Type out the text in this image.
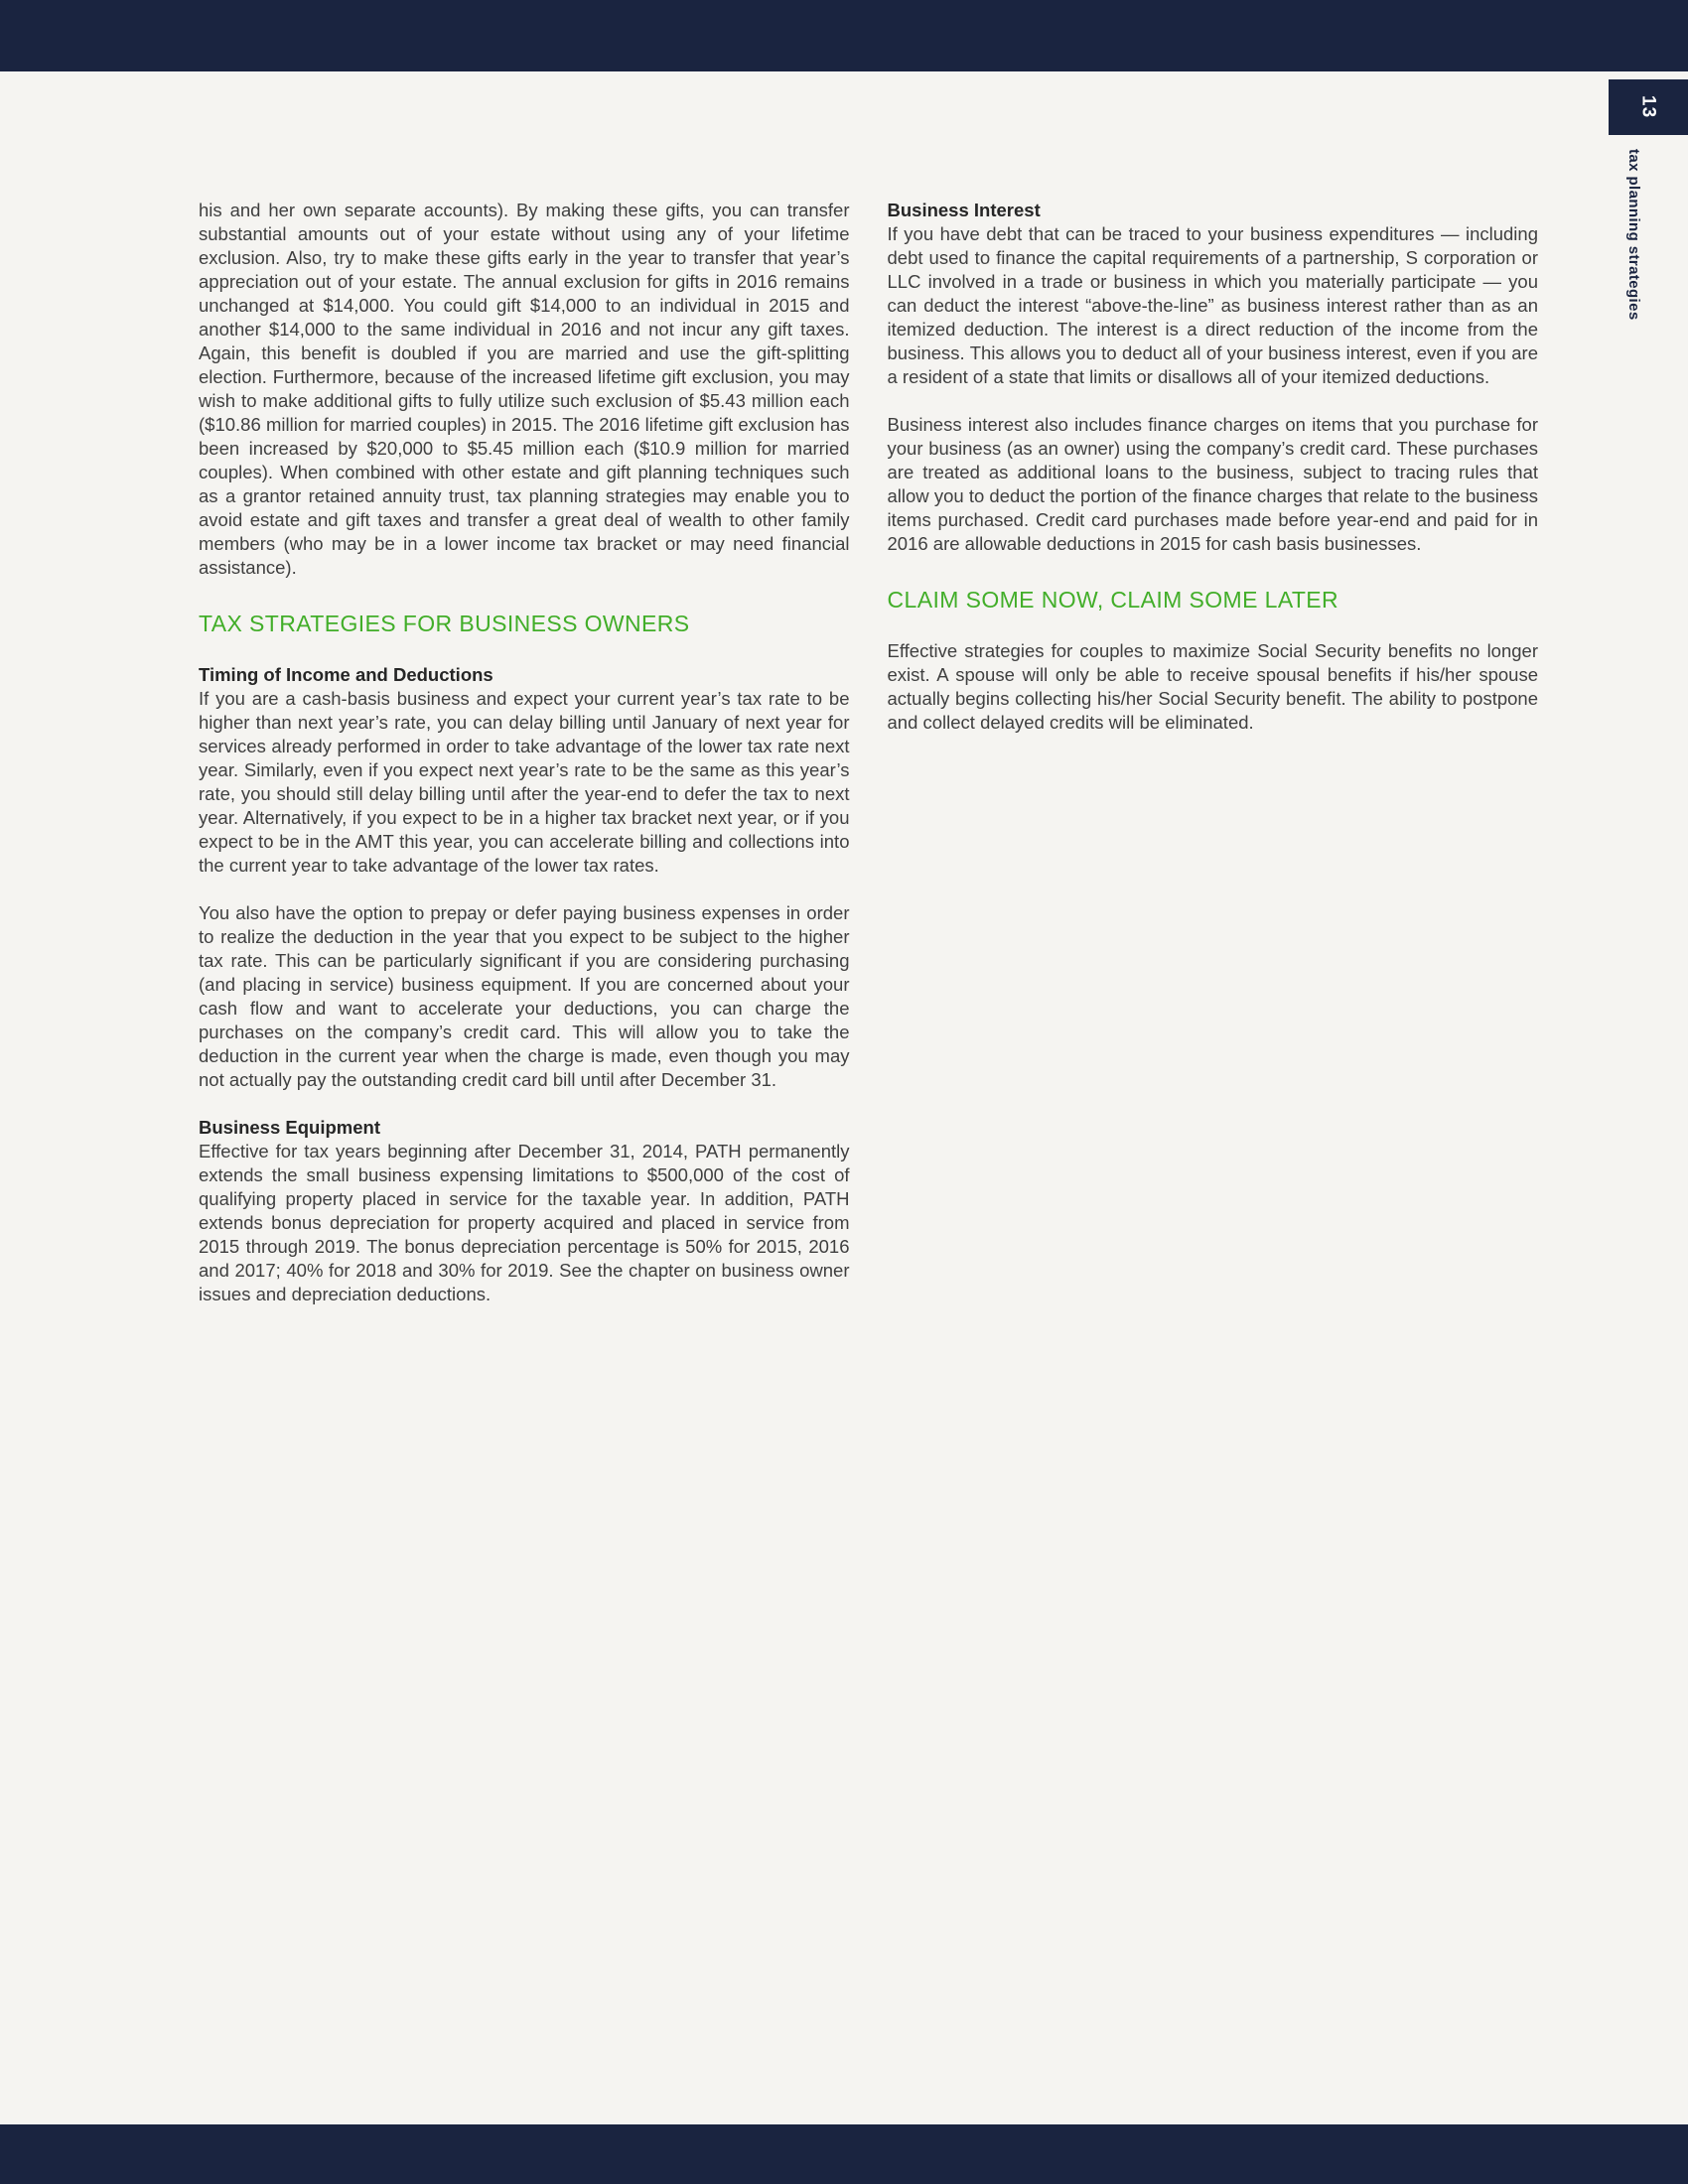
13
tax planning strategies

his and her own separate accounts). By making these gifts, you can transfer substantial amounts out of your estate without using any of your lifetime exclusion. Also, try to make these gifts early in the year to transfer that year’s appreciation out of your estate. The annual exclusion for gifts in 2016 remains unchanged at $14,000. You could gift $14,000 to an individual in 2015 and another $14,000 to the same individual in 2016 and not incur any gift taxes. Again, this benefit is doubled if you are married and use the gift-splitting election. Furthermore, because of the increased lifetime gift exclusion, you may wish to make additional gifts to fully utilize such exclusion of $5.43 million each ($10.86 million for married couples) in 2015. The 2016 lifetime gift exclusion has been increased by $20,000 to $5.45 million each ($10.9 million for married couples). When combined with other estate and gift planning techniques such as a grantor retained annuity trust, tax planning strategies may enable you to avoid estate and gift taxes and transfer a great deal of wealth to other family members (who may be in a lower income tax bracket or may need financial assistance).

TAX STRATEGIES FOR BUSINESS OWNERS
Timing of Income and Deductions

If you are a cash-basis business and expect your current year’s tax rate to be higher than next year’s rate, you can delay billing until January of next year for services already performed in order to take advantage of the lower tax rate next year. Similarly, even if you expect next year’s rate to be the same as this year’s rate, you should still delay billing until after the year-end to defer the tax to next year. Alternatively, if you expect to be in a higher tax bracket next year, or if you expect to be in the AMT this year, you can accelerate billing and collections into the current year to take advantage of the lower tax rates.

You also have the option to prepay or defer paying business expenses in order to realize the deduction in the year that you expect to be subject to the higher tax rate. This can be particularly significant if you are considering purchasing (and placing in service) business equipment. If you are concerned about your cash flow and want to accelerate your deductions, you can charge the purchases on the company’s credit card. This will allow you to take the deduction in the current year when the charge is made, even though you may not actually pay the outstanding credit card bill until after December 31.

Business Equipment

Effective for tax years beginning after December 31, 2014, PATH permanently extends the small business expensing limitations to $500,000 of the cost of qualifying property placed in service for the taxable year. In addition, PATH extends bonus depreciation for property acquired and placed in service from 2015 through 2019. The bonus depreciation percentage is 50% for 2015, 2016 and 2017; 40% for 2018 and 30% for 2019. See the chapter on business owner issues and depreciation deductions.

Business Interest

If you have debt that can be traced to your business expenditures — including debt used to finance the capital requirements of a partnership, S corporation or LLC involved in a trade or business in which you materially participate — you can deduct the interest “above-the-line” as business interest rather than as an itemized deduction. The interest is a direct reduction of the income from the business. This allows you to deduct all of your business interest, even if you are a resident of a state that limits or disallows all of your itemized deductions.

Business interest also includes finance charges on items that you purchase for your business (as an owner) using the company’s credit card. These purchases are treated as additional loans to the business, subject to tracing rules that allow you to deduct the portion of the finance charges that relate to the business items purchased. Credit card purchases made before year-end and paid for in 2016 are allowable deductions in 2015 for cash basis businesses.

CLAIM SOME NOW, CLAIM SOME LATER

Effective strategies for couples to maximize Social Security benefits no longer exist. A spouse will only be able to receive spousal benefits if his/her spouse actually begins collecting his/her Social Security benefit. The ability to postpone and collect delayed credits will be eliminated.
